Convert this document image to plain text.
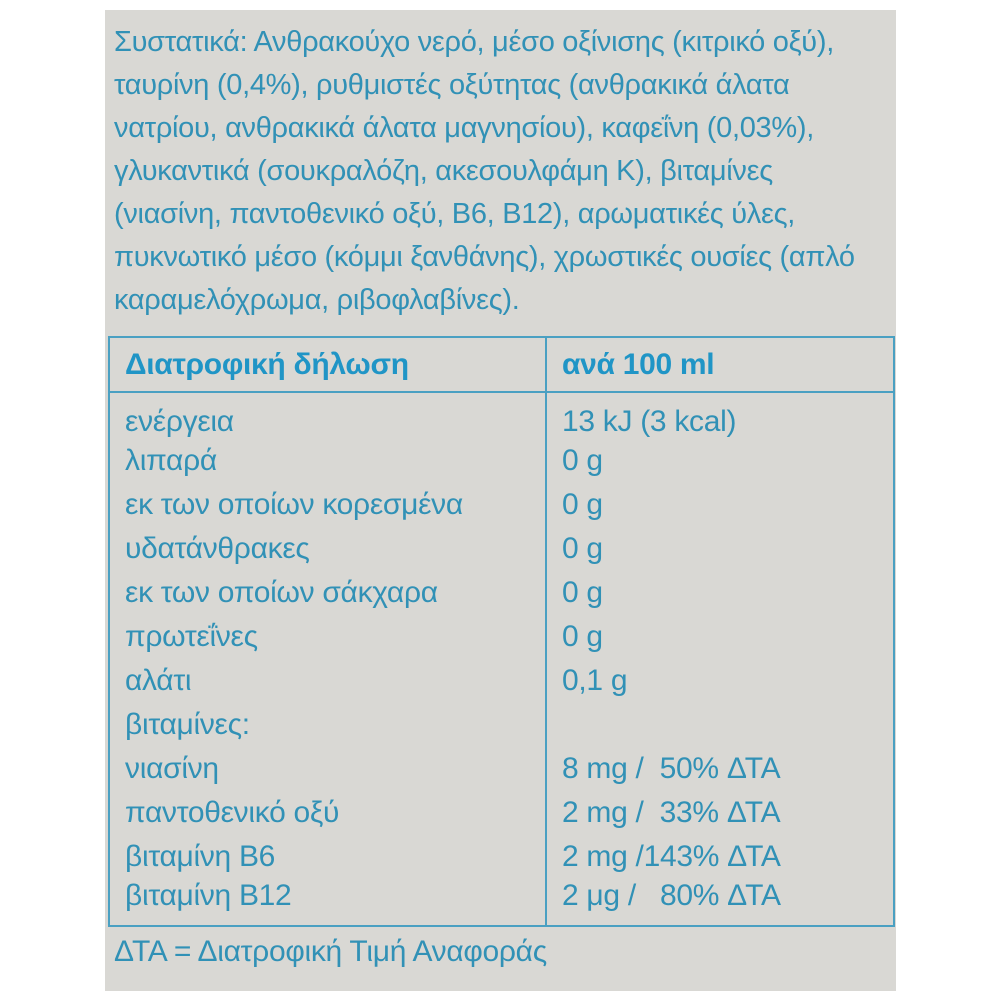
Συστατικά: Ανθρακούχο νερό, μέσο οξίνισης (κιτρικό οξύ), ταυρίνη (0,4%), ρυθμιστές οξύτητας (ανθρακικά άλατα νατρίου, ανθρακικά άλατα μαγνησίου), καφεΐνη (0,03%), γλυκαντικά (σουκραλόζη, ακεσουλφάμη Κ), βιταμίνες (νιασίνη, παντοθενικό οξύ, Β6, Β12), αρωματικές ύλες, πυκνωτικό μέσο (κόμμι ξανθάνης), χρωστικές ουσίες (απλό καραμελόχρωμα, ριβοφλαβίνες).

Διατροφική δήλωση	ανά 100 ml
ενέργεια	13 kJ (3 kcal)
λιπαρά	0 g
εκ των οποίων κορεσμένα	0 g
υδατάνθρακες	0 g
εκ των οποίων σάκχαρα	0 g
πρωτεΐνες	0 g
αλάτι	0,1 g
βιταμίνες:	
νιασίνη	8 mg /  50% ΔΤΑ
παντοθενικό οξύ	2 mg /  33% ΔΤΑ
βιταμίνη Β6	2 mg /143% ΔΤΑ
βιταμίνη Β12	2 μg /   80% ΔΤΑ

ΔΤΑ = Διατροφική Τιμή Αναφοράς
